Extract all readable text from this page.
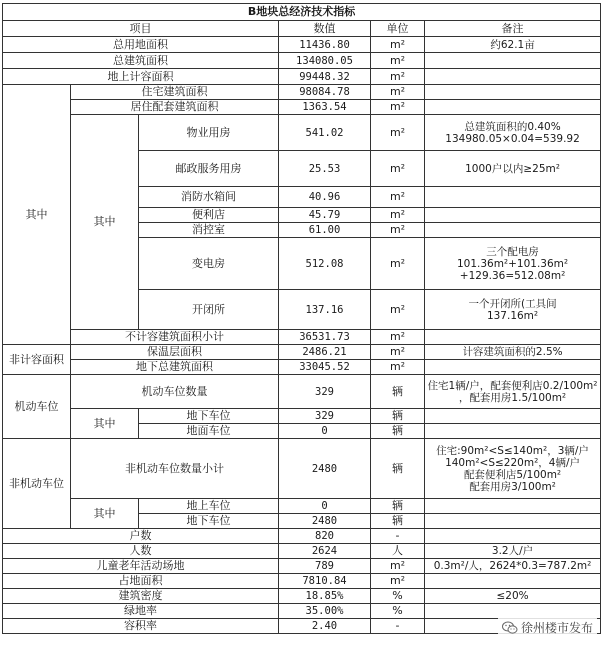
B地块总经济技术指标					
项目			数值	单位	备注
总用地面积			11436.80	m²	约62.1亩
总建筑面积			134080.05	m²	
地上计容面积			99448.32	m²	
其中	住宅建筑面积		98084.78	m²	
	居住配套建筑面积		1363.54	m²	
	其中	物业用房	541.02	m²	总建筑面积的0.40%
134980.05×0.04=539.92

		邮政服务用房	25.53	m²	1000户以内≥25m²
		消防水箱间	40.96	m²	
		便利店	45.79	m²	
		消控室	61.00	m²	
		变电房	512.08	m²	三个配电房
101.36m²+101.36m²
+129.36=512.08m²

		开闭所	137.16	m²	一个开闭所(工具间
137.16m²

	不计容建筑面积小计		36531.73	m²	
非计容面积	保温层面积		2486.21	m²	计容建筑面积的2.5%
	地下总建筑面积		33045.52	m²	
机动车位	机动车位数量		329	辆	住宅1辆/户，配套便利店0.2/100m²
，配套用房1.5/100m²

	其中	地下车位	329	辆	
		地面车位	0	辆	
非机动车位	非机动车位数量小计		2480	辆	住宅:90m²<S≤140m²，3辆/户
140m²<S≤220m²，4辆/户
配套便利店5/100m²
配套用房3/100m²

	其中	地上车位	0	辆	
		地下车位	2480	辆	
户数			820	-	
人数			2624	人	3.2人/户
儿童老年活动场地			789	m²	0.3m²/人，2624*0.3=787.2m²
占地面积			7810.84	m²	
建筑密度			18.85%	%	≤20%
绿地率			35.00%	%	
容积率			2.40	-		徐州楼市发布
